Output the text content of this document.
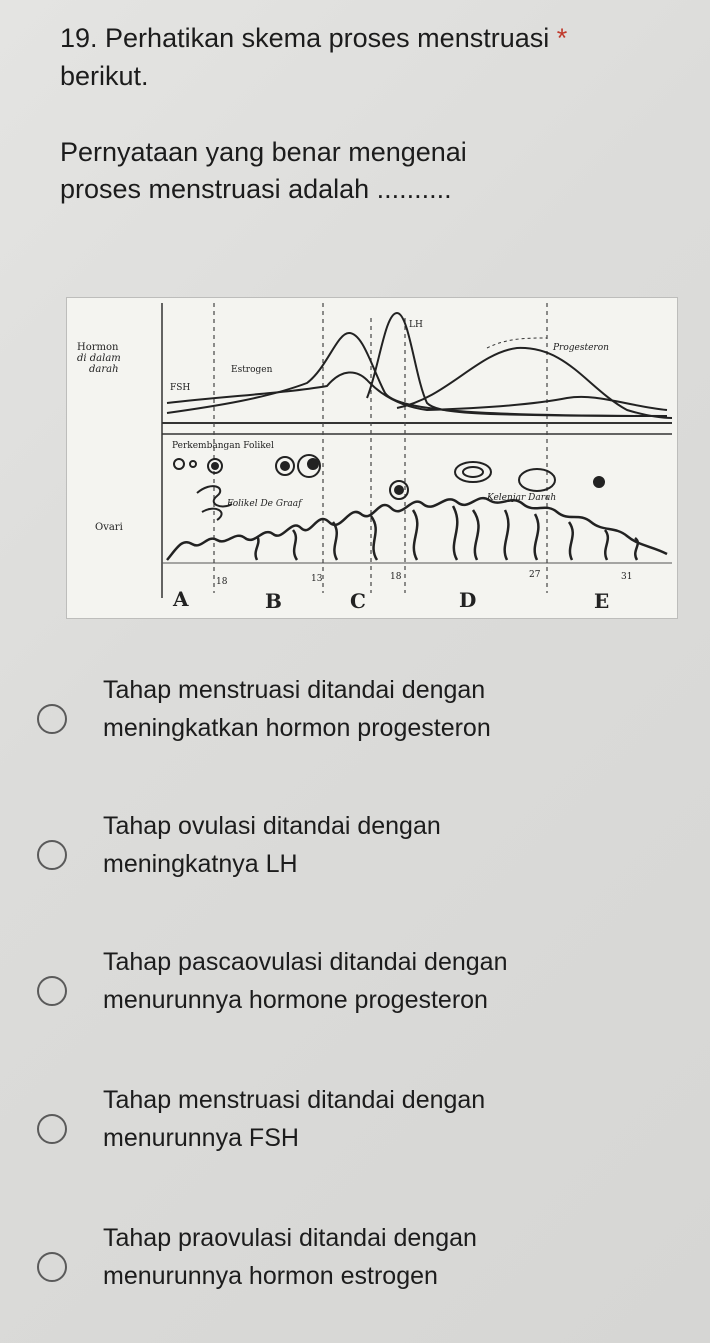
19. Perhatikan skema proses menstruasi *
berikut.
Pernyataan yang benar mengenai
proses menstruasi adalah ..........
Hormon
di dalam
darah
LH
Progesteron
Estrogen
FSH
Perkembangan Folikel
Folikel De Graaf
Kelenjar Darah
Ovari
18	13	18	27	31
A	B	C	D	E
Tahap menstruasi ditandai dengan
meningkatkan hormon progesteron
Tahap ovulasi ditandai dengan
meningkatnya LH
Tahap pascaovulasi ditandai dengan
menurunnya hormone progesteron
Tahap menstruasi ditandai dengan
menurunnya FSH
Tahap praovulasi ditandai dengan
menurunnya hormon estrogen
